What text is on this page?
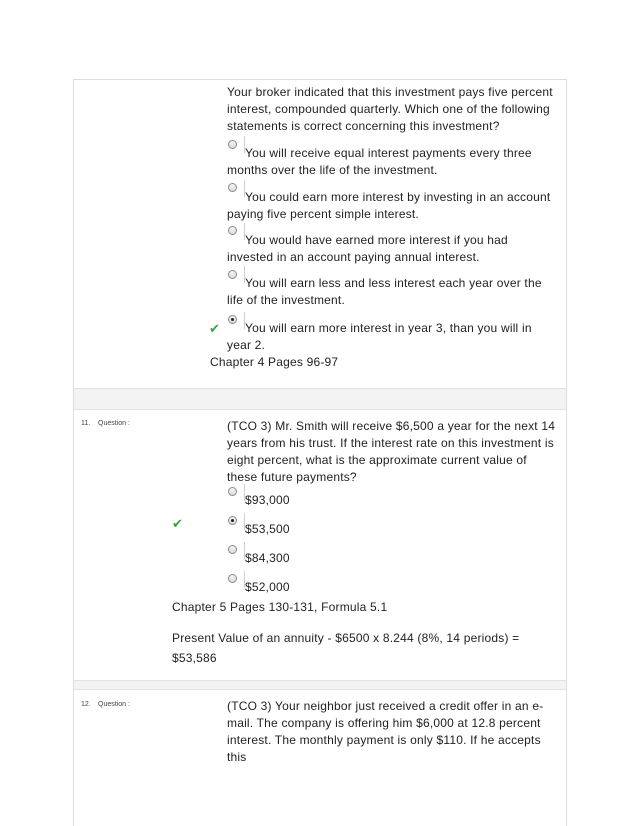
Your broker indicated that this investment pays five percent interest, compounded quarterly. Which one of the following statements is correct concerning this investment?

You will receive equal interest payments every three months over the life of the investment.

You could earn more interest by investing in an account paying five percent simple interest.

You would have earned more interest if you had invested in an account paying annual interest.

You will earn less and less interest each year over the life of the investment.

✔	You will earn more interest in year 3, than you will in year 2.

Chapter 4 Pages 96-97

11. Question :	(TCO 3) Mr. Smith will receive $6,500 a year for the next 14 years from his trust. If the interest rate on this investment is eight percent, what is the approximate current value of these future payments?

$93,000

✔	$53,500

$84,300

$52,000

Chapter 5 Pages 130-131, Formula 5.1

Present Value of an annuity - $6500 x 8.244 (8%, 14 periods) = $53,586

12. Question :	(TCO 3) Your neighbor just received a credit offer in an e-mail. The company is offering him $6,000 at 12.8 percent interest. The monthly payment is only $110. If he accepts this
